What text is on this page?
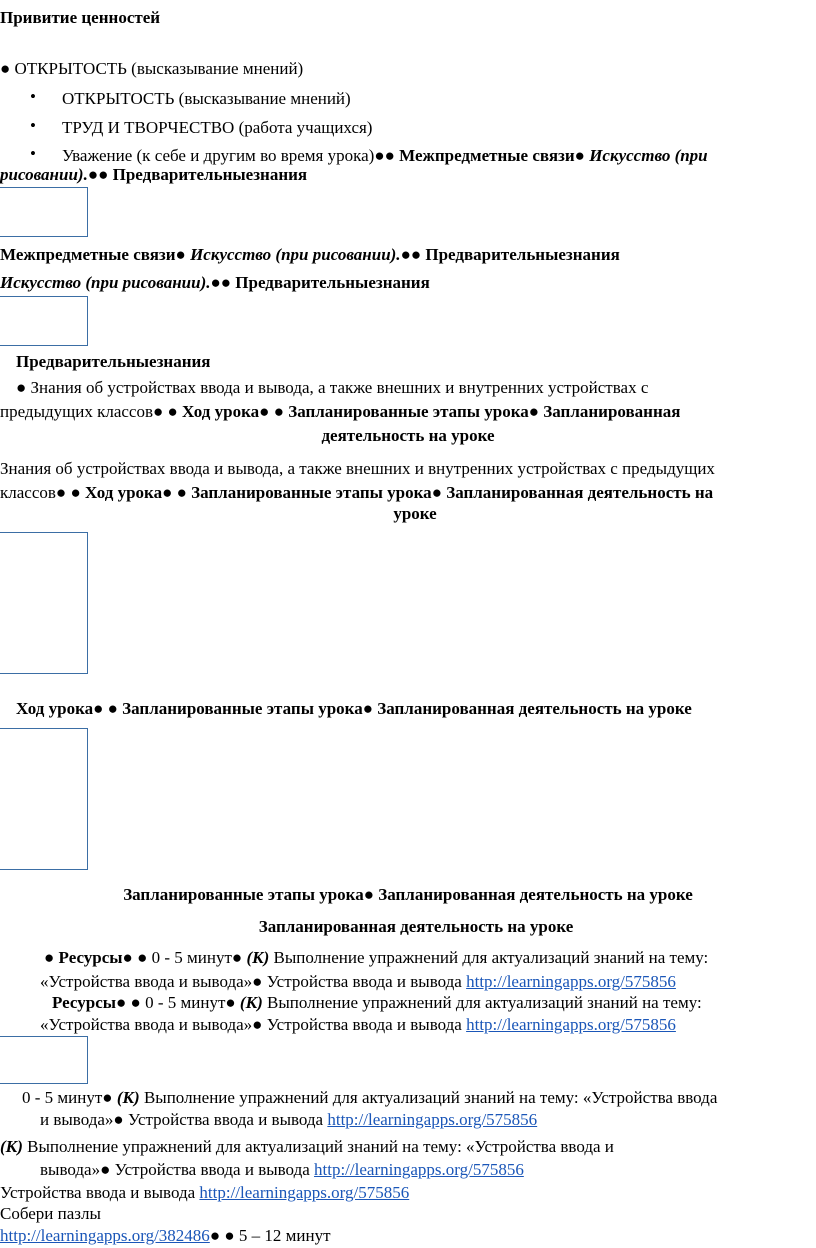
Привитие ценностей
● ОТКРЫТОСТЬ (высказывание мнений)
• ОТКРЫТОСТЬ (высказывание мнений)
• ТРУД И ТВОРЧЕСТВО (работа учащихся)
• Уважение (к себе и другим во время урока)●● Межпредметные связи● Искусство (при
рисовании).●● Предварительныезнания
Межпредметные связи● Искусство (при рисовании).●● Предварительныезнания
Искусство (при рисовании).●● Предварительныезнания
Предварительныезнания
● Знания об устройствах ввода и вывода, а также внешних и внутренних устройствах с
предыдущих классов● ● Ход урока● ● Запланированные этапы урока● Запланированная
деятельность на уроке
Знания об устройствах ввода и вывода, а также внешних и внутренних устройствах с предыдущих
классов● ● Ход урока● ● Запланированные этапы урока● Запланированная деятельность на
уроке
Ход урока● ● Запланированные этапы урока● Запланированная деятельность на уроке
Запланированные этапы урока● Запланированная деятельность на уроке
Запланированная деятельность на уроке
● Ресурсы● ● 0 - 5 минут● (К) Выполнение упражнений для актуализаций знаний на тему:
«Устройства ввода и вывода»● Устройства ввода и вывода http://learningapps.org/575856
Ресурсы● ● 0 - 5 минут● (К) Выполнение упражнений для актуализаций знаний на тему:
«Устройства ввода и вывода»● Устройства ввода и вывода http://learningapps.org/575856
0 - 5 минут● (К) Выполнение упражнений для актуализаций знаний на тему: «Устройства ввода
и вывода»● Устройства ввода и вывода http://learningapps.org/575856
(К) Выполнение упражнений для актуализаций знаний на тему: «Устройства ввода и
вывода»● Устройства ввода и вывода http://learningapps.org/575856
Устройства ввода и вывода http://learningapps.org/575856
Собери пазлы
http://learningapps.org/382486● ● 5 – 12 минут
